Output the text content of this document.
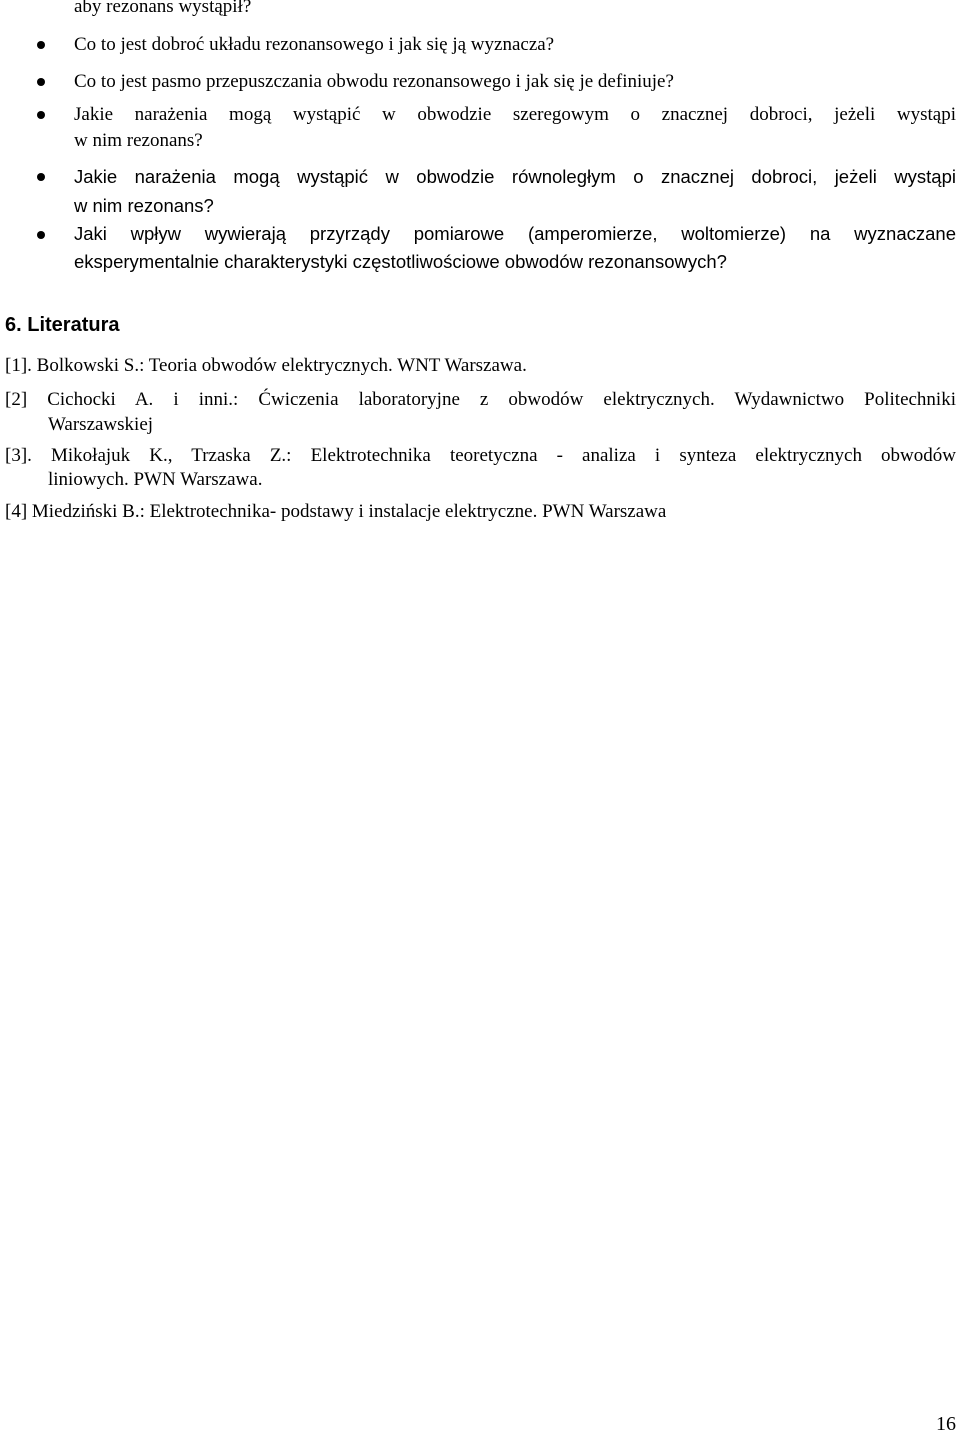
aby rezonans wystąpił?
Co to jest dobroć układu rezonansowego i jak się ją wyznacza?
Co to jest pasmo przepuszczania obwodu rezonansowego i jak się je definiuje?
Jakie narażenia mogą wystąpić w obwodzie szeregowym o znacznej dobroci, jeżeli wystąpi
w nim rezonans?
Jakie narażenia mogą wystąpić w obwodzie równoległym o znacznej dobroci, jeżeli wystąpi
w nim rezonans?
Jaki wpływ wywierają przyrządy pomiarowe (amperomierze, woltomierze) na wyznaczane
eksperymentalnie charakterystyki częstotliwościowe obwodów rezonansowych?
6. Literatura
[1]. Bolkowski S.: Teoria obwodów elektrycznych. WNT Warszawa.
[2] Cichocki A. i inni.: Ćwiczenia laboratoryjne z obwodów elektrycznych. Wydawnictwo Politechniki
Warszawskiej
[3]. Mikołajuk K., Trzaska Z.: Elektrotechnika teoretyczna - analiza i synteza elektrycznych obwodów
liniowych. PWN Warszawa.
[4] Miedziński B.: Elektrotechnika- podstawy i instalacje elektryczne. PWN Warszawa
16
